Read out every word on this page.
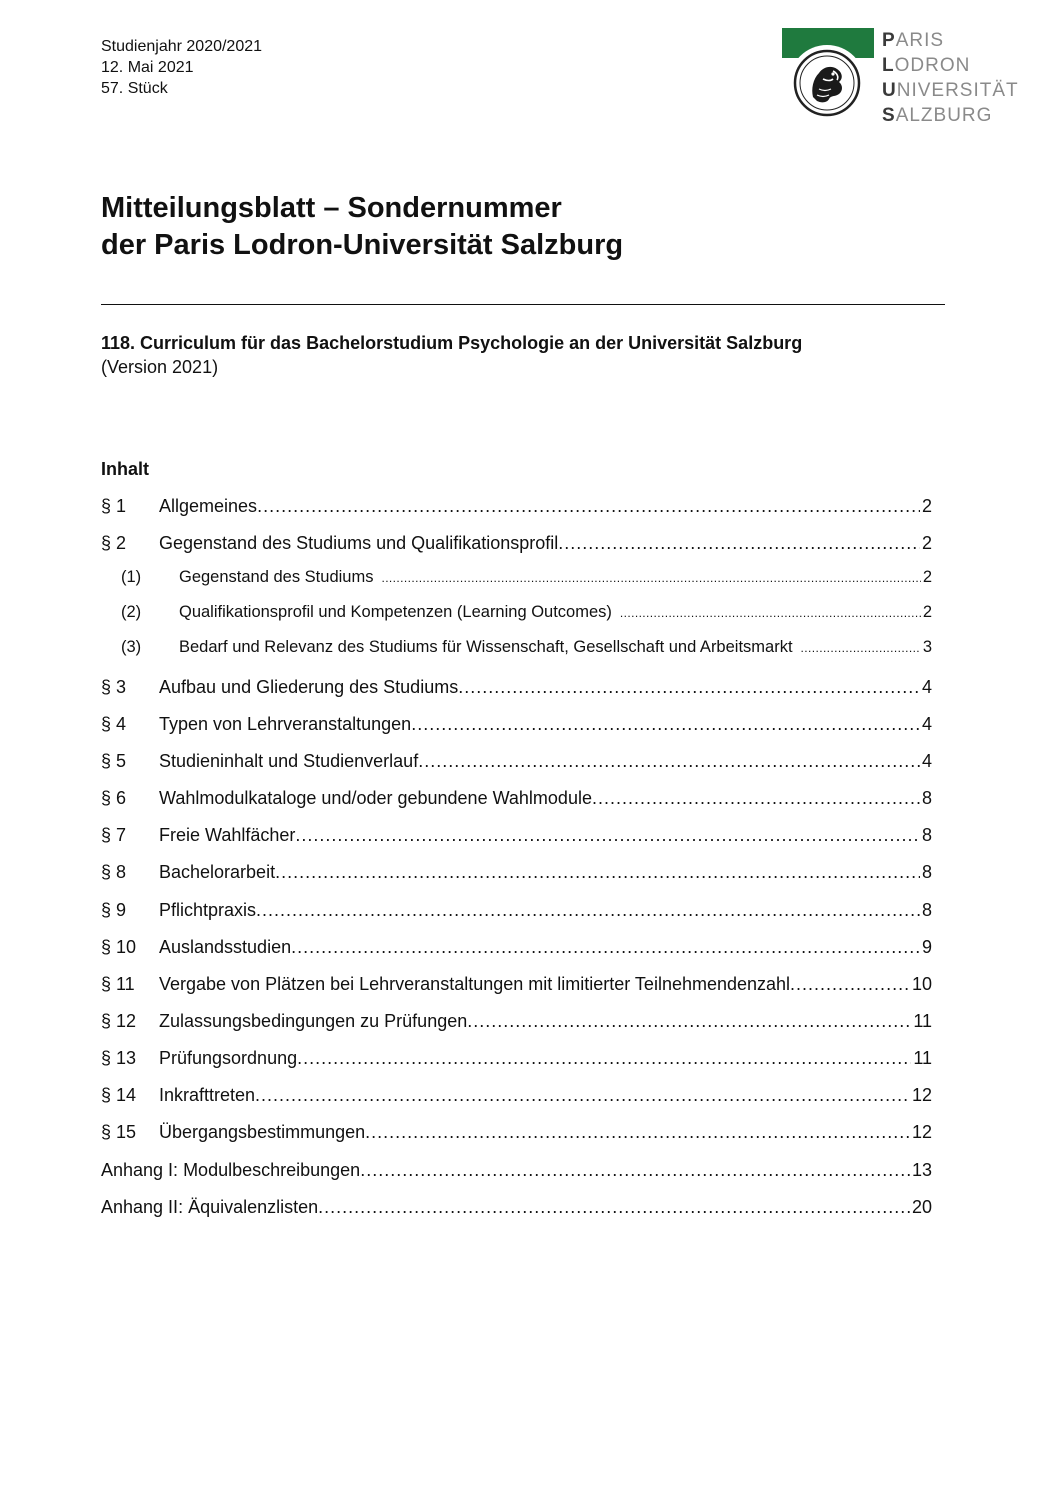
Studienjahr 2020/2021
12. Mai 2021
57. Stück
PARIS
LODRON
UNIVERSITÄT
SALZBURG
Mitteilungsblatt – Sondernummer
der Paris Lodron-Universität Salzburg
118. Curriculum für das Bachelorstudium Psychologie an der Universität Salzburg
(Version 2021)
Inhalt
§ 1	Allgemeines .....	2
§ 2	Gegenstand des Studiums und Qualifikationsprofil .....	2
(1)	Gegenstand des Studiums .....	2
(2)	Qualifikationsprofil und Kompetenzen (Learning Outcomes) .....	2
(3)	Bedarf und Relevanz des Studiums für Wissenschaft, Gesellschaft und Arbeitsmarkt .....	3
§ 3	Aufbau und Gliederung des Studiums .....	4
§ 4	Typen von Lehrveranstaltungen .....	4
§ 5	Studieninhalt und Studienverlauf .....	4
§ 6	Wahlmodulkataloge und/oder gebundene Wahlmodule .....	8
§ 7	Freie Wahlfächer .....	8
§ 8	Bachelorarbeit .....	8
§ 9	Pflichtpraxis .....	8
§ 10	Auslandsstudien .....	9
§ 11	Vergabe von Plätzen bei Lehrveranstaltungen mit limitierter Teilnehmendenzahl .....	10
§ 12	Zulassungsbedingungen zu Prüfungen .....	11
§ 13	Prüfungsordnung .....	11
§ 14	Inkrafttreten .....	12
§ 15	Übergangsbestimmungen .....	12
Anhang I: Modulbeschreibungen .....	13
Anhang II: Äquivalenzlisten .....	20
